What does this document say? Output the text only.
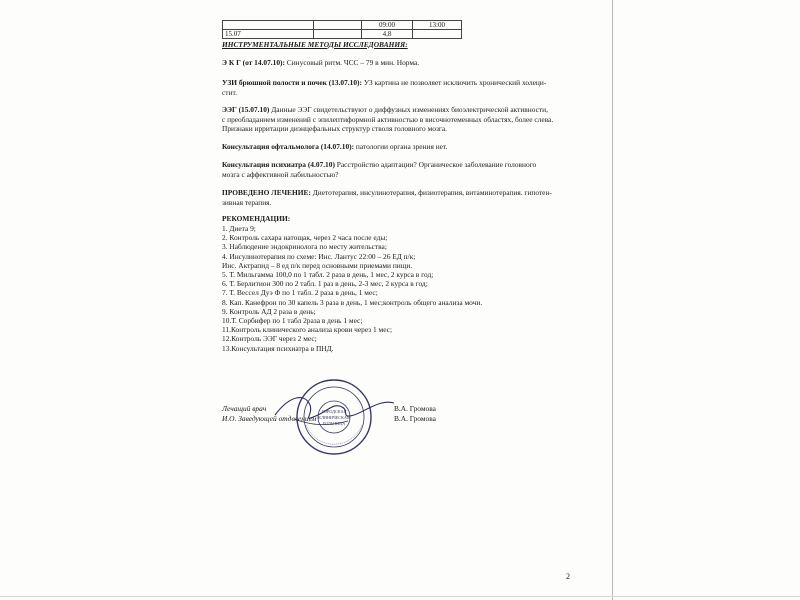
		09:00	13:00
15.07		4,8	
ИНСТРУМЕНТАЛЬНЫЕ МЕТОДЫ ИССЛЕДОВАНИЯ:
Э К Г (от 14.07.10): Синусовый ритм. ЧСС – 79 в мин. Норма.
УЗИ брюшной полости и почек (13.07.10): УЗ картина не позволяет исключить хронический холеци-
стит.
ЭЭГ (15.07.10) Данные ЭЭГ свидетельствуют о диффузных изменениях биоэлектрической активности,
с преобладанием изменений с эпилептиформной активностью в височнотеменных областях, более слева.
Признаки ирритации диэнцефальных структур стволя головного мозга.
Консультация офтальмолога (14.07.10): патологии органа зрения нет.
Консультация психиатра (4.07.10) Расстройство адаптации? Органическое заболевание головного
мозга с аффективной лабильностью?
ПРОВЕДЕНО ЛЕЧЕНИЕ: Диетотерапия, инсулинотерапия, физиотерапия, витаминотерапия. гипотен-
зивная терапия.
РЕКОМЕНДАЦИИ:
1. Диета 9;
2. Контроль сахара натощак, через 2 часа после еды;
3. Наблюдение эндокринолога по месту жительства;
4. Инсулинотерапия по схеме: Инс. Лантус 22:00 – 26 ЕД п/к;
Инс. Актрапид – 8 ед п/к перед основными приемами пищи.
5. Т. Мильгамма 100,0 по 1 табл. 2 раза в день, 1 мес, 2 курса в год;
6. Т. Берлитион 300 по 2 табл. 1 раз в день, 2-3 мес, 2 курса в год;
7. Т. Вессел Дуэ Ф по 1 табл. 2 раза в день, 1 мес;
8. Кап. Канефрон по 30 капель 3 раза в день, 1 мес;контроль общего анализа мочи.
9. Контроль АД 2 раза в день;
10.Т. Сорбифер по 1 табл 2раза в день 1 мес;
11.Контроль клинического анализа крови через 1 мес;
12.Контроль ЭЭГ через 2 мес;
13.Консультация психиатра в ПНД.
ГОРОДСКАЯ
КЛИНИЧЕСКАЯ
БОЛЬНИЦА
Лечащий врач
И.О. Заведующей отделением
В.А. Громова
В.А. Громова
2
